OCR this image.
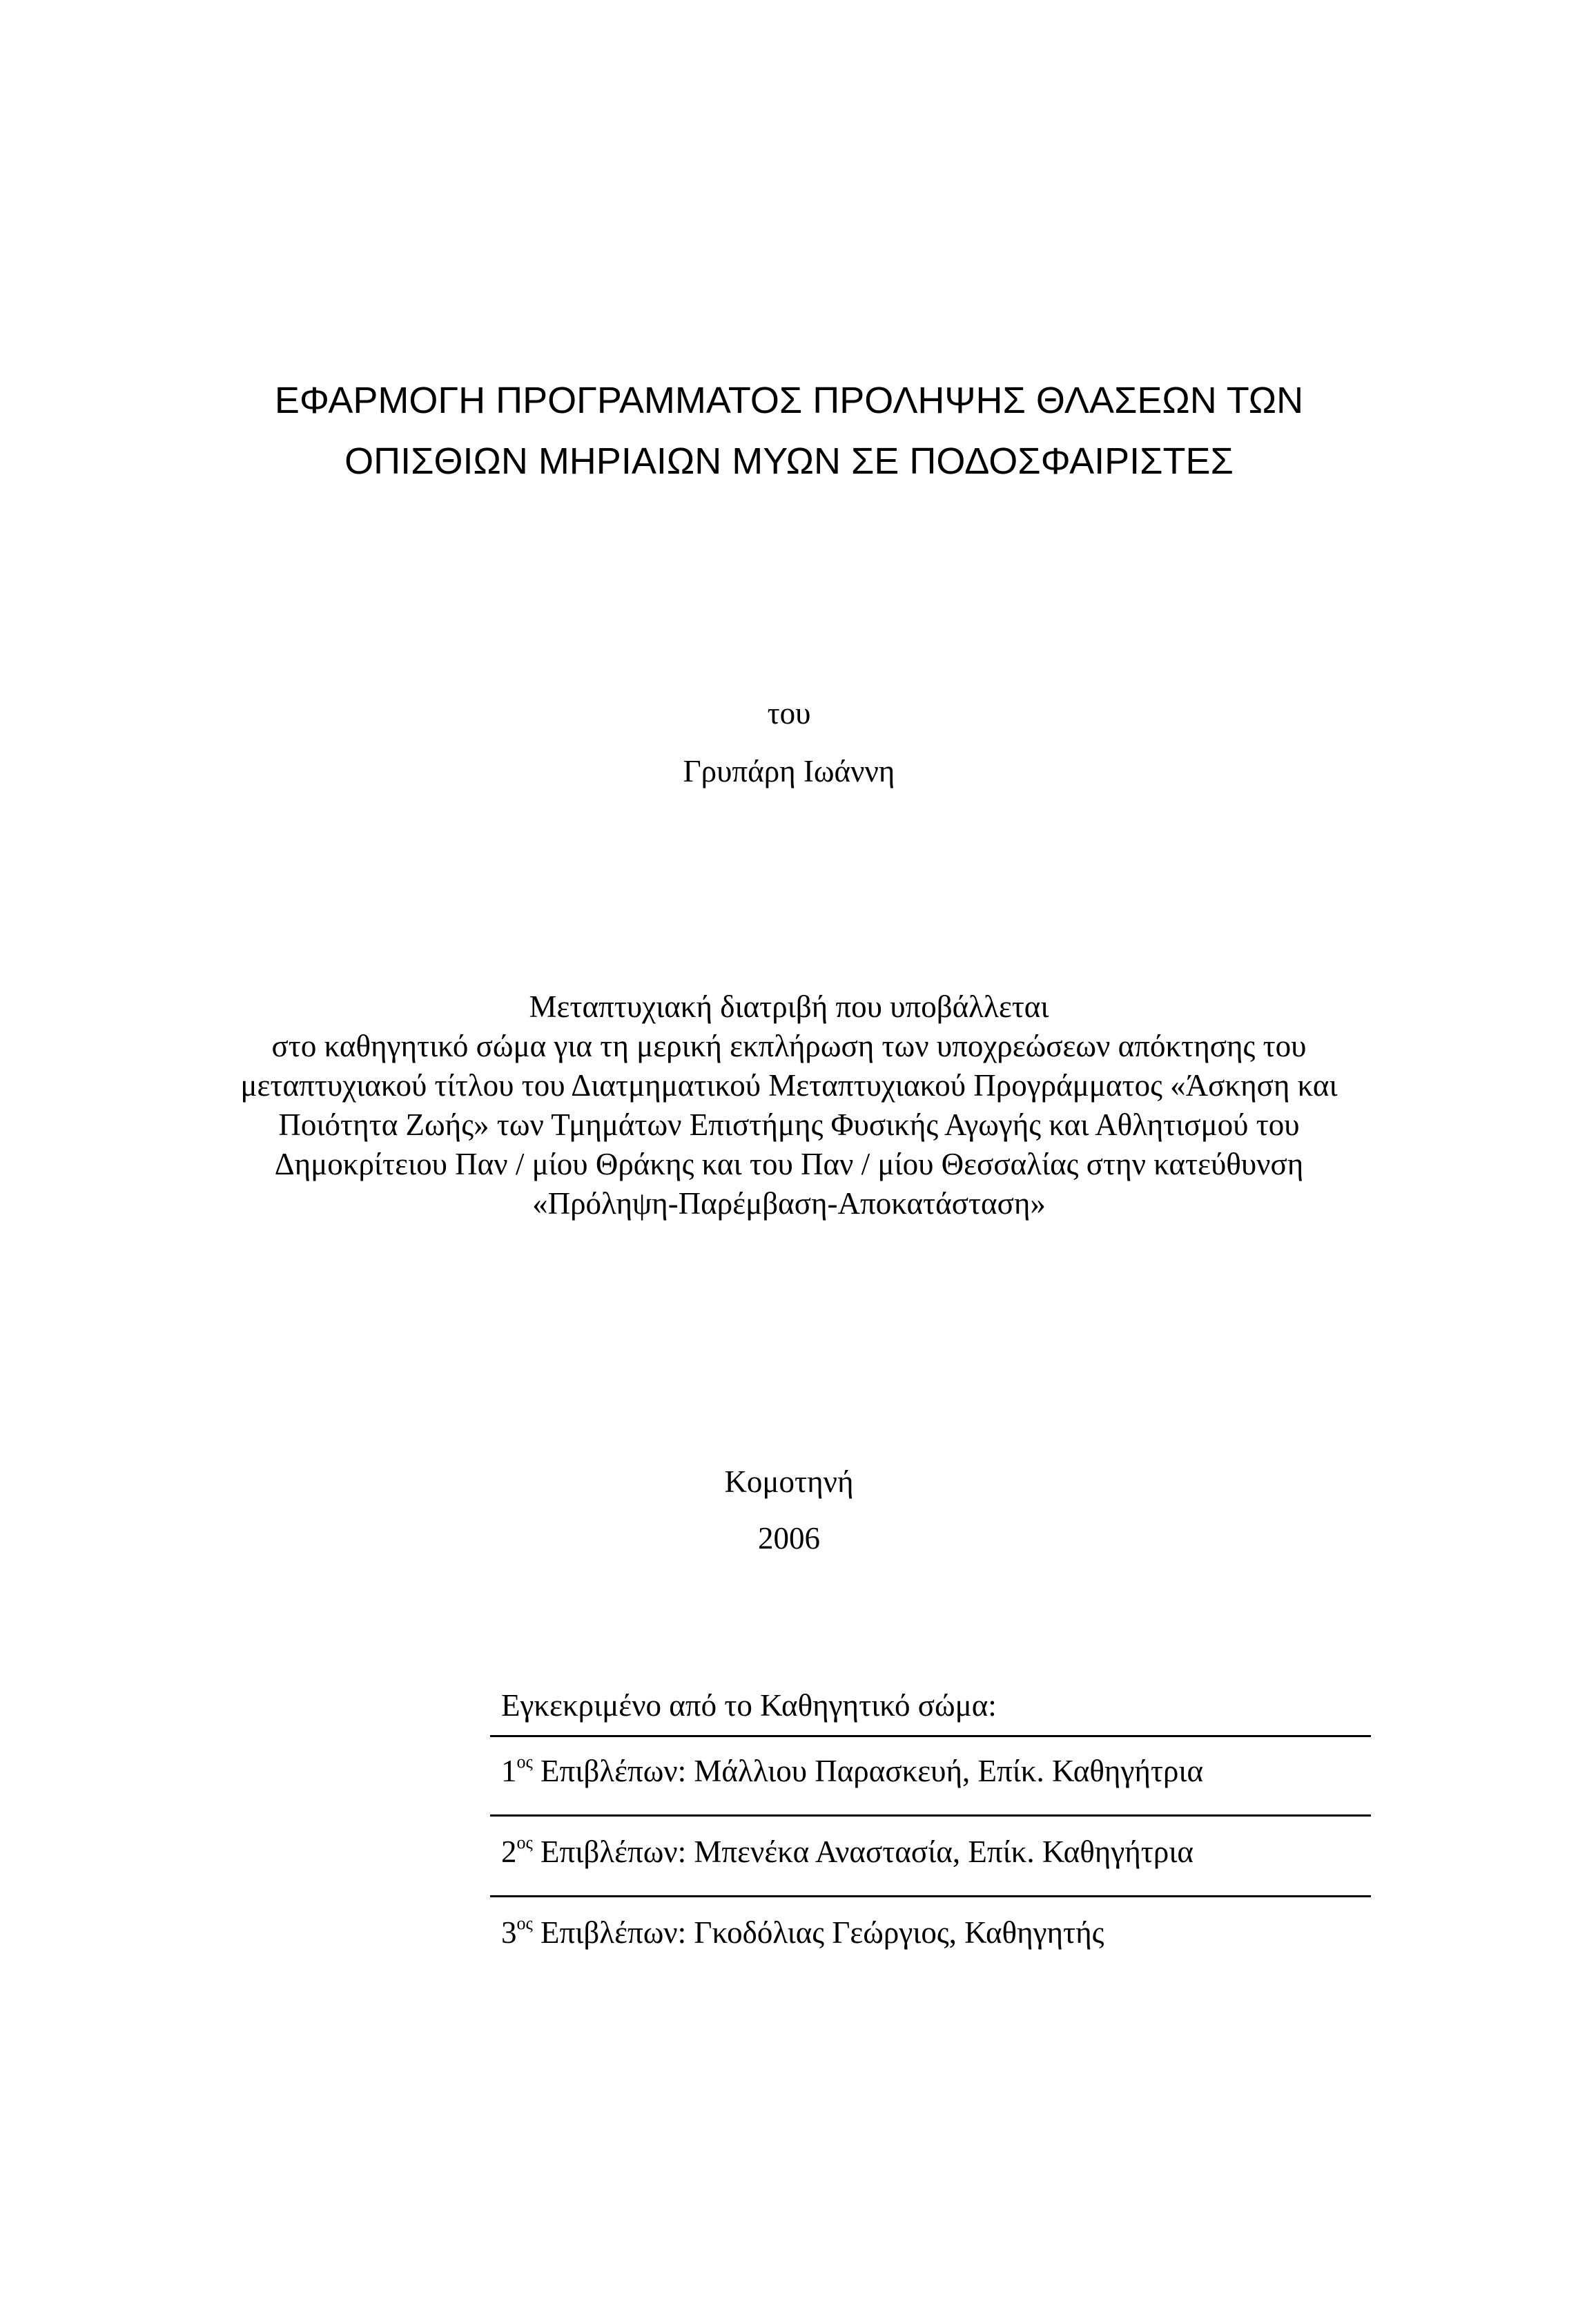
ΕΦΑΡΜΟΓΗ ΠΡΟΓΡΑΜΜΑΤΟΣ ΠΡΟΛΗΨΗΣ ΘΛΑΣΕΩΝ ΤΩΝ
ΟΠΙΣΘΙΩΝ ΜΗΡΙΑΙΩΝ ΜΥΩΝ ΣΕ ΠΟΔΟΣΦΑΙΡΙΣΤΕΣ
του
Γρυπάρη Ιωάννη
Μεταπτυχιακή διατριβή που υποβάλλεται
στο καθηγητικό σώμα για τη μερική εκπλήρωση των υποχρεώσεων απόκτησης του
μεταπτυχιακού τίτλου του Διατμηματικού Μεταπτυχιακού Προγράμματος «Άσκηση και
Ποιότητα Ζωής» των Τμημάτων Επιστήμης Φυσικής Αγωγής και Αθλητισμού του
Δημοκρίτειου Παν / μίου Θράκης και του Παν / μίου Θεσσαλίας στην κατεύθυνση
«Πρόληψη-Παρέμβαση-Αποκατάσταση»
Κομοτηνή
2006
Εγκεκριμένο από το Καθηγητικό σώμα:
$1^{o\varsigma}$ Επιβλέπων: Μάλλιου Παρασκευή, Επίκ. Καθηγήτρια
$2^{o\varsigma}$ Επιβλέπων: Μπενέκα Αναστασία, Επίκ. Καθηγήτρια
$3^{o\varsigma}$ Επιβλέπων: Γκοδόλιας Γεώργιος, Καθηγητής
